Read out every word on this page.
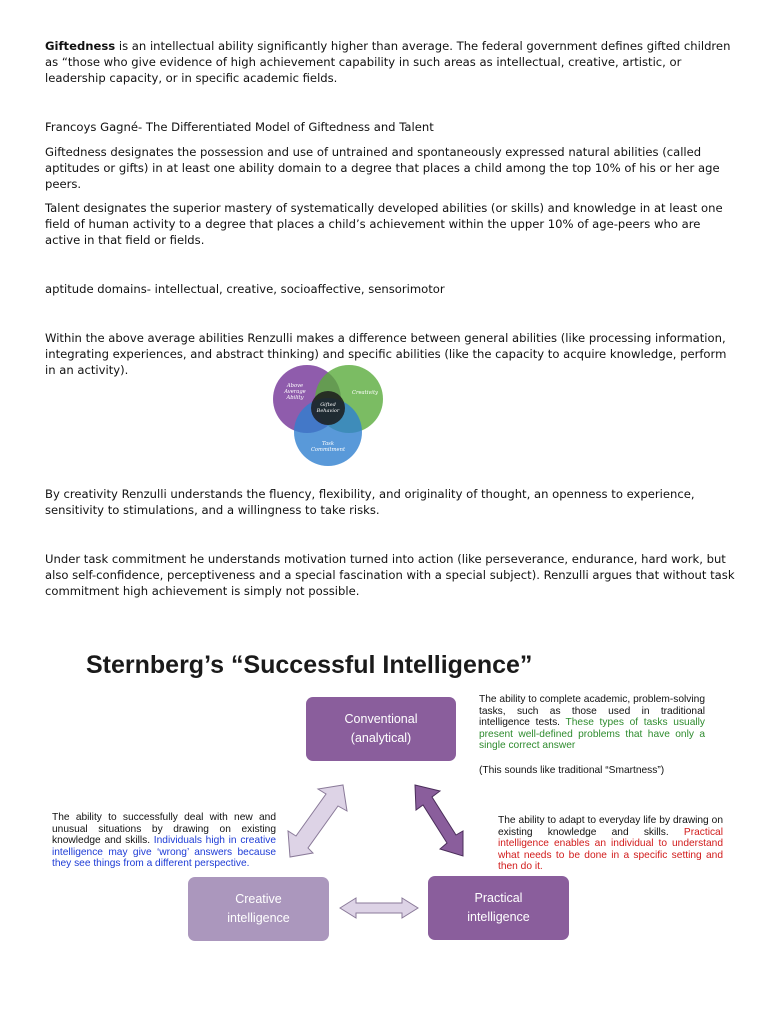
Giftedness is an intellectual ability significantly higher than average. The federal government defines gifted children as “those who give evidence of high achievement capability in such areas as intellectual, creative, artistic, or leadership capacity, or in specific academic fields.

Francoys Gagné- The Differentiated Model of Giftedness and Talent

Giftedness designates the possession and use of untrained and spontaneously expressed natural abilities (called aptitudes or gifts) in at least one ability domain to a degree that places a child among the top 10% of his or her age peers.

Talent designates the superior mastery of systematically developed abilities (or skills) and knowledge in at least one field of human activity to a degree that places a child’s achievement within the upper 10% of age-peers who are active in that field or fields.

aptitude domains- intellectual, creative, socioaffective, sensorimotor

Within the above average abilities Renzulli makes a difference between general abilities (like processing information, integrating experiences, and abstract thinking) and specific abilities (like the capacity to acquire knowledge, perform in an activity).

Above
Average
Ability
Creativity
Gifted
Behavior
Task
Commitment

By creativity Renzulli understands the fluency, flexibility, and originality of thought, an openness to experience, sensitivity to stimulations, and a willingness to take risks.

Under task commitment he understands motivation turned into action (like perseverance, endurance, hard work, but also self-confidence, perceptiveness and a special fascination with a special subject). Renzulli argues that without task commitment high achievement is simply not possible.

Sternberg’s “Successful Intelligence”
Conventional
(analytical)
Creative
intelligence
Practical
intelligence

The ability to complete academic, problem-solving tasks, such as those used in traditional intelligence tests. These types of tasks usually present well-defined problems that have only a single correct answer

(This sounds like traditional “Smartness”)

The ability to successfully deal with new and unusual situations by drawing on existing knowledge and skills. Individuals high in creative intelligence may give ‘wrong’ answers because they see things from a different perspective.

The ability to adapt to everyday life by drawing on existing knowledge and skills. Practical intelligence enables an individual to understand what needs to be done in a specific setting and then do it.
